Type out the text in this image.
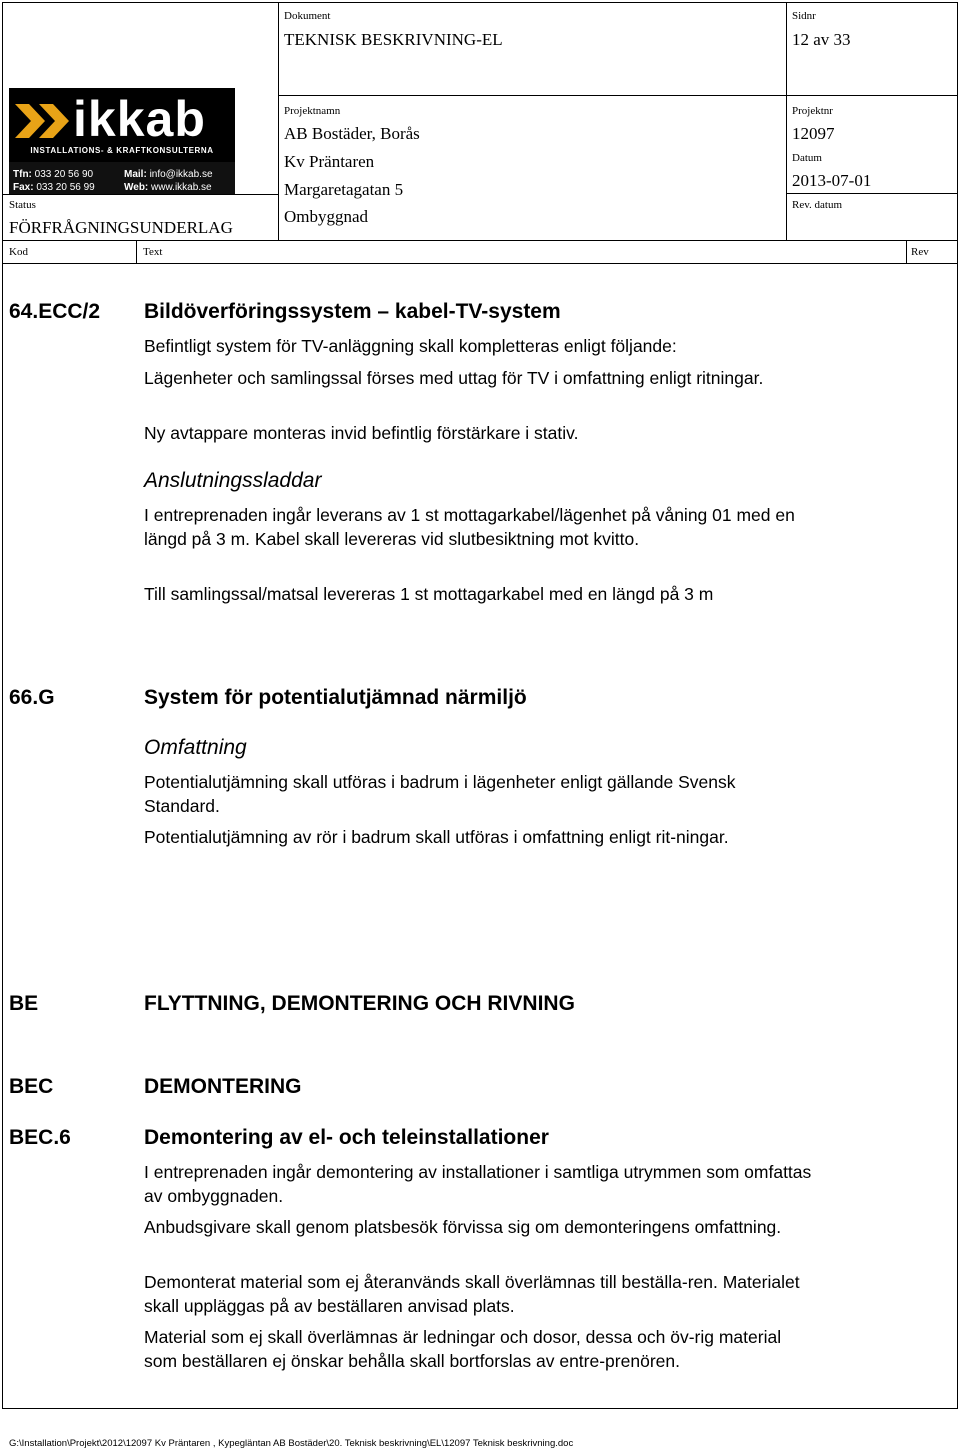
ikkab
INSTALLATIONS- & KRAFTKONSULTERNA
Tfn: 033 20 56 90
Fax: 033 20 56 99
Mail: info@ikkab.se
Web: www.ikkab.se
Dokument
TEKNISK BESKRIVNING-EL
Sidnr
12 av 33
Projektnamn
AB Bostäder, Borås
Kv Präntaren
Margaretagatan 5
Ombyggnad
Projektnr
12097
Datum
2013-07-01
Rev. datum
Status
FÖRFRÅGNINGSUNDERLAG
Kod	Text	Rev
64.ECC/2 Bildöverföringssystem – kabel-TV-system
Befintligt system för TV-anläggning skall kompletteras enligt följande:
Lägenheter och samlingssal förses med uttag för TV i omfattning enligt ritningar.
Ny avtappare monteras invid befintlig förstärkare i stativ.
Anslutningssladdar
I entreprenaden ingår leverans av 1 st mottagarkabel/lägenhet på våning 01 med en längd på 3 m. Kabel skall levereras vid slutbesiktning mot kvitto.
Till samlingssal/matsal levereras 1 st mottagarkabel med en längd på 3 m
66.G	System för potentialutjämnad närmiljö
Omfattning
Potentialutjämning skall utföras i badrum i lägenheter enligt gällande Svensk Standard.
Potentialutjämning av rör i badrum skall utföras i omfattning enligt rit-ningar.
BE	FLYTTNING, DEMONTERING OCH RIVNING
BEC	DEMONTERING
BEC.6	Demontering av el- och teleinstallationer
I entreprenaden ingår demontering av installationer i samtliga utrymmen som omfattas av ombyggnaden.
Anbudsgivare skall genom platsbesök förvissa sig om demonteringens omfattning.
Demonterat material som ej återanvänds skall överlämnas till beställa-ren. Materialet skall uppläggas på av beställaren anvisad plats.
Material som ej skall överlämnas är ledningar och dosor, dessa och öv-rig material som beställaren ej önskar behålla skall bortforslas av entre-prenören.
G:\Installation\Projekt\2012\12097 Kv Präntaren , Kypegläntan AB Bostäder\20. Teknisk beskrivning\EL\12097 Teknisk beskrivning.doc
